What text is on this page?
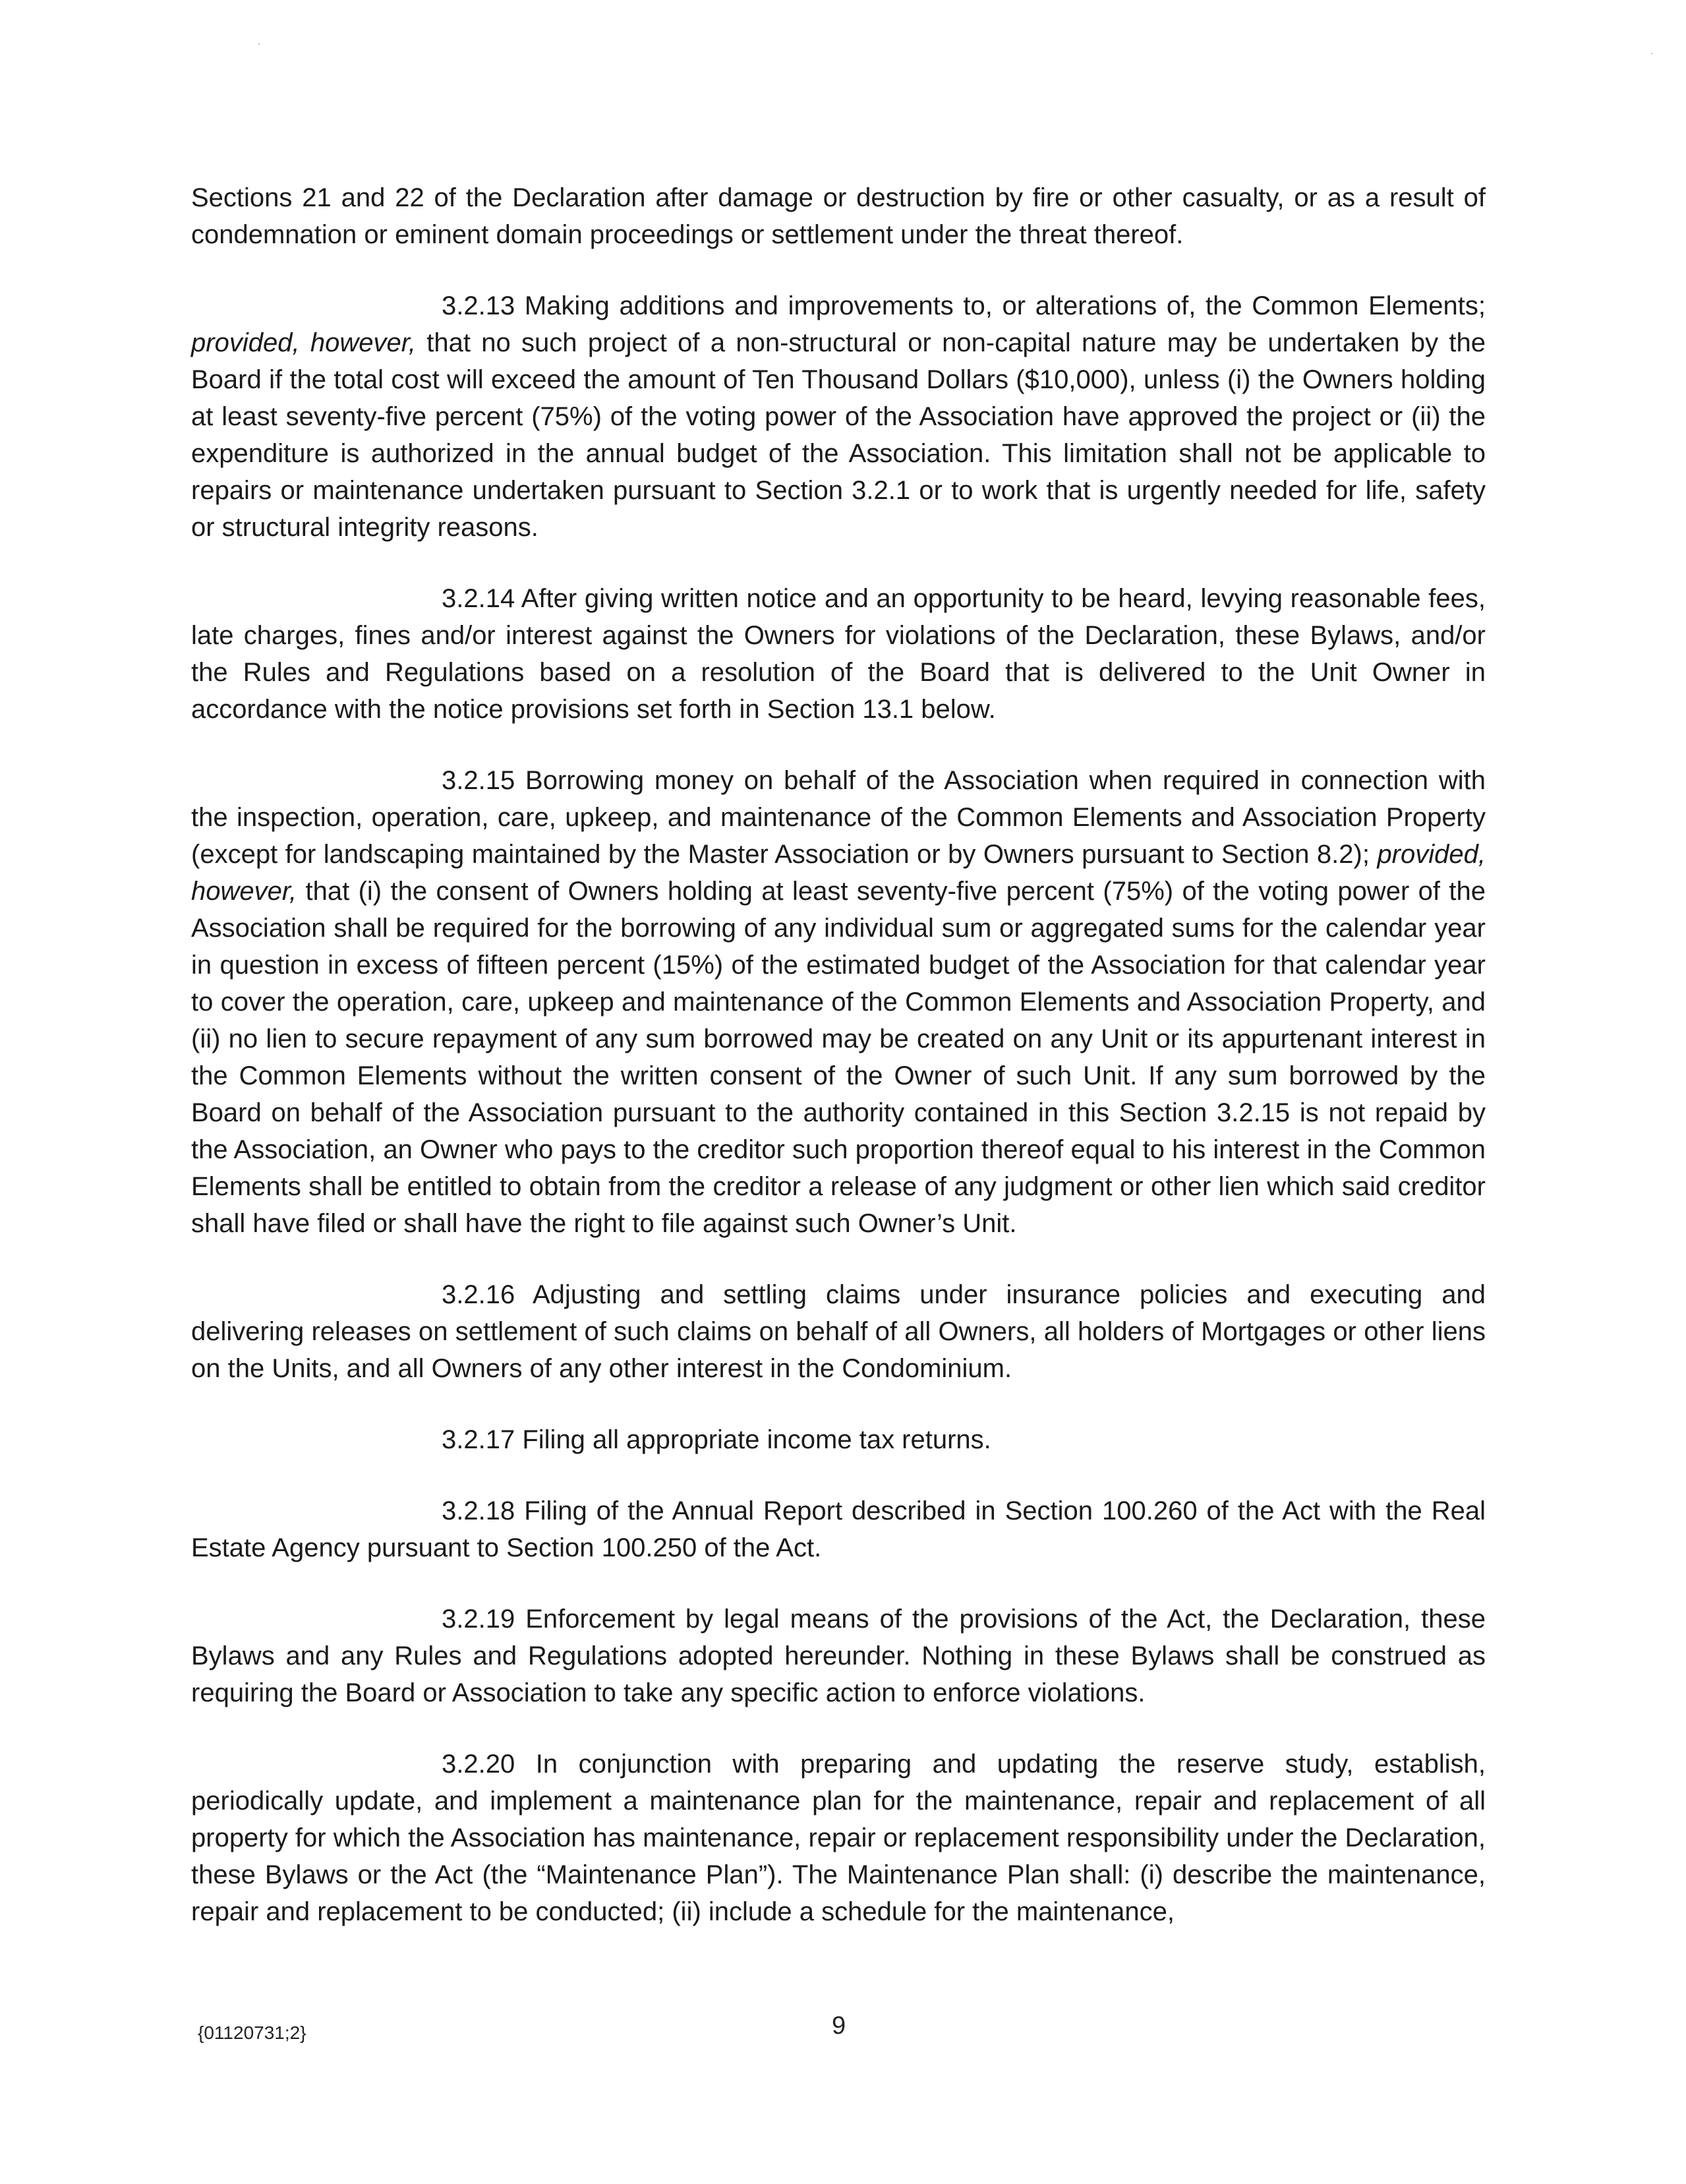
Sections 21 and 22 of the Declaration after damage or destruction by fire or other casualty, or as a result of condemnation or eminent domain proceedings or settlement under the threat thereof.

3.2.13 Making additions and improvements to, or alterations of, the Common Elements; provided, however, that no such project of a non-structural or non-capital nature may be undertaken by the Board if the total cost will exceed the amount of Ten Thousand Dollars ($10,000), unless (i) the Owners holding at least seventy-five percent (75%) of the voting power of the Association have approved the project or (ii) the expenditure is authorized in the annual budget of the Association. This limitation shall not be applicable to repairs or maintenance undertaken pursuant to Section 3.2.1 or to work that is urgently needed for life, safety or structural integrity reasons.

3.2.14 After giving written notice and an opportunity to be heard, levying reasonable fees, late charges, fines and/or interest against the Owners for violations of the Declaration, these Bylaws, and/or the Rules and Regulations based on a resolution of the Board that is delivered to the Unit Owner in accordance with the notice provisions set forth in Section 13.1 below.

3.2.15 Borrowing money on behalf of the Association when required in connection with the inspection, operation, care, upkeep, and maintenance of the Common Elements and Association Property (except for landscaping maintained by the Master Association or by Owners pursuant to Section 8.2); provided, however, that (i) the consent of Owners holding at least seventy-five percent (75%) of the voting power of the Association shall be required for the borrowing of any individual sum or aggregated sums for the calendar year in question in excess of fifteen percent (15%) of the estimated budget of the Association for that calendar year to cover the operation, care, upkeep and maintenance of the Common Elements and Association Property, and (ii) no lien to secure repayment of any sum borrowed may be created on any Unit or its appurtenant interest in the Common Elements without the written consent of the Owner of such Unit. If any sum borrowed by the Board on behalf of the Association pursuant to the authority contained in this Section 3.2.15 is not repaid by the Association, an Owner who pays to the creditor such proportion thereof equal to his interest in the Common Elements shall be entitled to obtain from the creditor a release of any judgment or other lien which said creditor shall have filed or shall have the right to file against such Owner’s Unit.

3.2.16 Adjusting and settling claims under insurance policies and executing and delivering releases on settlement of such claims on behalf of all Owners, all holders of Mortgages or other liens on the Units, and all Owners of any other interest in the Condominium.

3.2.17 Filing all appropriate income tax returns.

3.2.18 Filing of the Annual Report described in Section 100.260 of the Act with the Real Estate Agency pursuant to Section 100.250 of the Act.

3.2.19 Enforcement by legal means of the provisions of the Act, the Declaration, these Bylaws and any Rules and Regulations adopted hereunder. Nothing in these Bylaws shall be construed as requiring the Board or Association to take any specific action to enforce violations.

3.2.20 In conjunction with preparing and updating the reserve study, establish, periodically update, and implement a maintenance plan for the maintenance, repair and replacement of all property for which the Association has maintenance, repair or replacement responsibility under the Declaration, these Bylaws or the Act (the “Maintenance Plan”). The Maintenance Plan shall: (i) describe the maintenance, repair and replacement to be conducted; (ii) include a schedule for the maintenance,

{01120731;2}	9
